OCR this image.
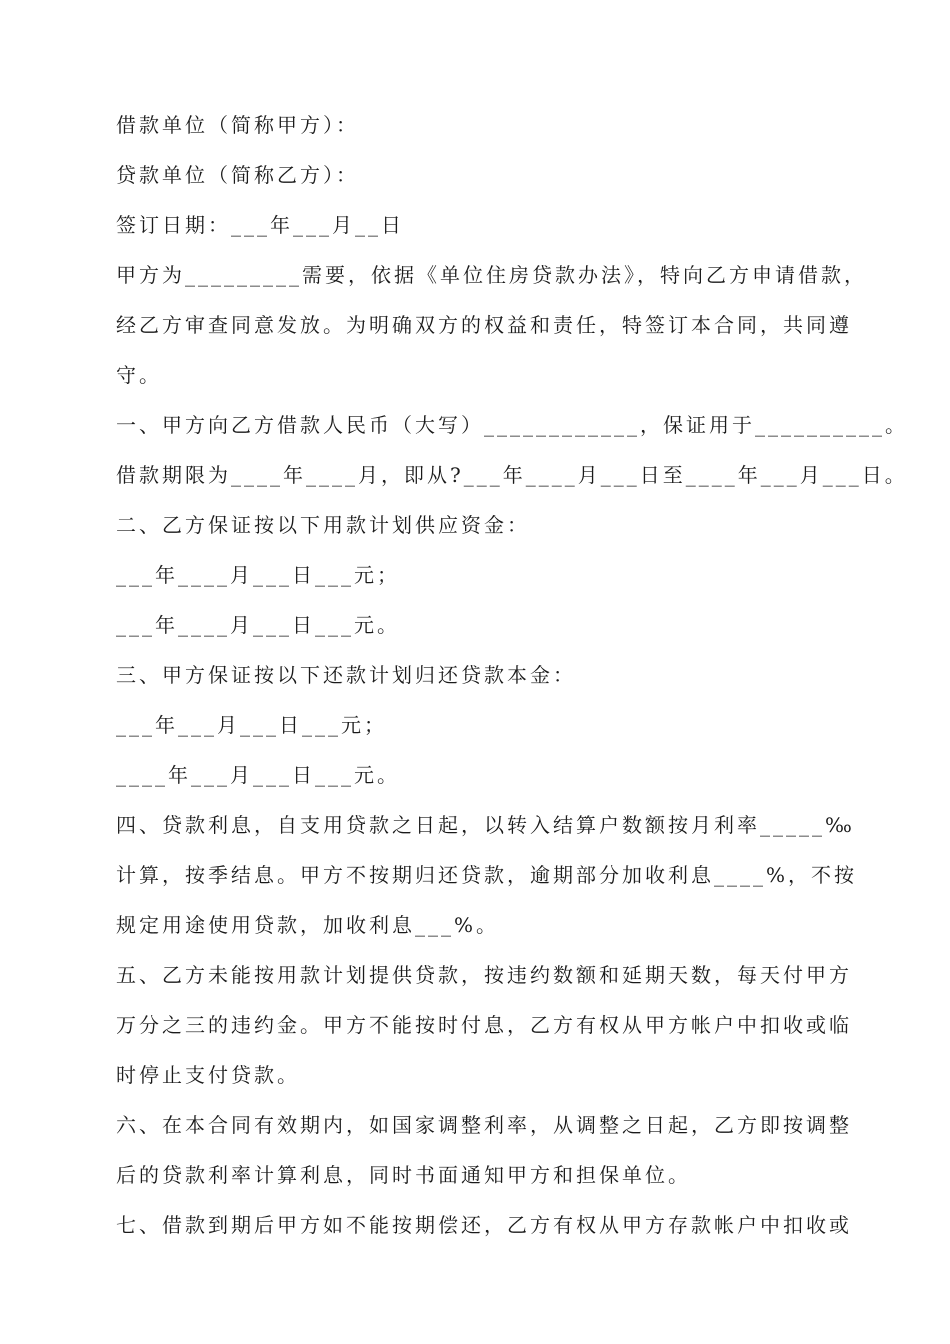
借款单位（简称甲方）：
贷款单位（简称乙方）：
签订日期：___年___月__日
甲方为_________需要，依据《单位住房贷款办法》，特向乙方申请借款，
经乙方审查同意发放。为明确双方的权益和责任，特签订本合同，共同遵
守。
一、甲方向乙方借款人民币（大写）____________，保证用于__________。
借款期限为____年____月，即从?___年____月___日至____年___月___日。
二、乙方保证按以下用款计划供应资金：
___年____月___日___元；
___年____月___日___元。
三、甲方保证按以下还款计划归还贷款本金：
___年___月___日___元；
____年___月___日___元。
四、贷款利息，自支用贷款之日起，以转入结算户数额按月利率_____‰
计算，按季结息。甲方不按期归还贷款，逾期部分加收利息____%，不按
规定用途使用贷款，加收利息___%。
五、乙方未能按用款计划提供贷款，按违约数额和延期天数，每天付甲方
万分之三的违约金。甲方不能按时付息，乙方有权从甲方帐户中扣收或临
时停止支付贷款。
六、在本合同有效期内，如国家调整利率，从调整之日起，乙方即按调整
后的贷款利率计算利息，同时书面通知甲方和担保单位。
七、借款到期后甲方如不能按期偿还，乙方有权从甲方存款帐户中扣收或
